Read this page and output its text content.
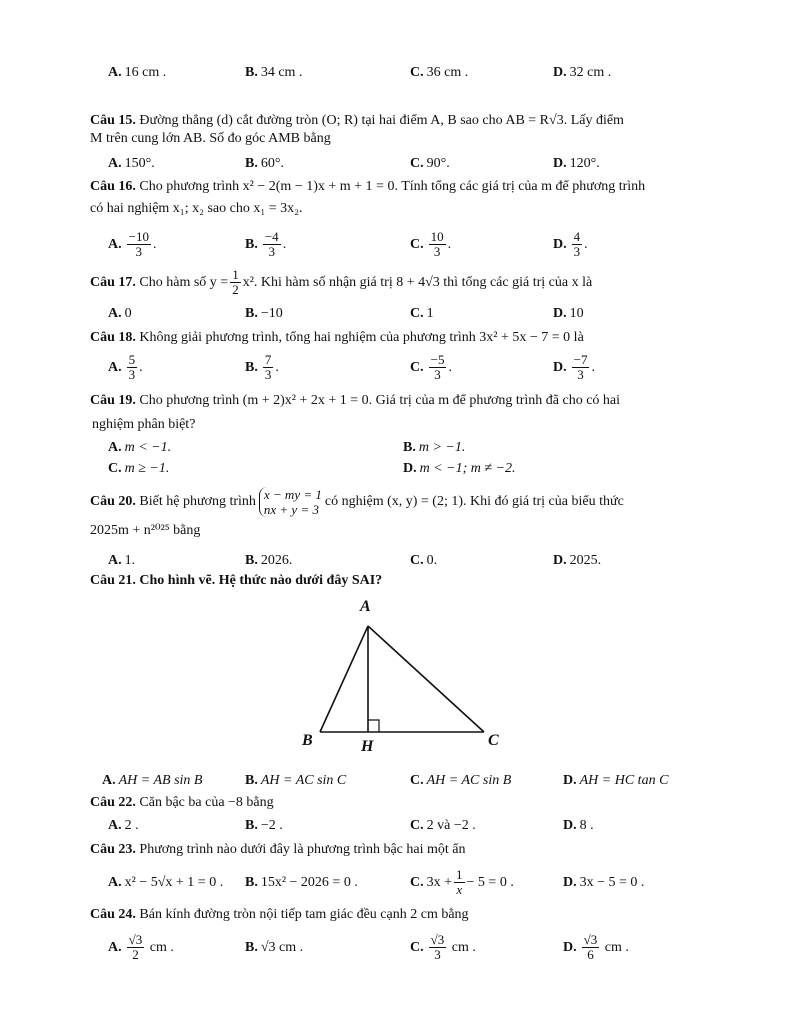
A. 16 cm .	B. 34 cm .	C. 36 cm .	D. 32 cm .
Câu 15. Đường thẳng (d) cắt đường tròn (O; R) tại hai điểm A, B sao cho AB = R√3. Lấy điểm
M trên cung lớn AB. Số đo góc AMB bằng
A. 150°.	B. 60°.	C. 90°.	D. 120°.
Câu 16. Cho phương trình x² − 2(m − 1)x + m + 1 = 0. Tính tổng các giá trị của m để phương trình
có hai nghiệm x₁; x₂ sao cho x₁ = 3x₂.
A. $\frac{-10}{3}$ .	B. $\frac{-4}{3}$ .	C. $\frac{10}{3}$ .	D. $\frac{4}{3}$ .
Câu 17. Cho hàm số $y = \frac{1}{2} x^2$. Khi hàm số nhận giá trị 8 + 4√3 thì tổng các giá trị của x là
A. 0	B. −10	C. 1	D. 10
Câu 18. Không giải phương trình, tổng hai nghiệm của phương trình 3x² + 5x − 7 = 0 là
A. $\frac{5}{3}$ .	B. $\frac{7}{3}$ .	C. $\frac{-5}{3}$ .	D. $\frac{-7}{3}$ .
Câu 19. Cho phương trình (m + 2)x² + 2x + 1 = 0. Giá trị của m để phương trình đã cho có hai
nghiệm phân biệt?
A. m < −1.	B. m > −1.
C. m ≥ −1.	D. m < −1; m ≠ −2.
Câu 20. Biết hệ phương trình x − my = 1
nx + y = 3
có nghiệm (x, y) = (2; 1). Khi đó giá trị của biểu thức
2025m + n²⁰²⁵ bằng
A. 1.	B. 2026.	C. 0.	D. 2025.
Câu 21. Cho hình vẽ. Hệ thức nào dưới đây SAI?
A
B	C
H
A. AH = AB sin B	B. AH = AC sin C	C. AH = AC sin B	D. AH = HC tan C
Câu 22. Căn bậc ba của −8 bằng
A. 2 .	B. −2 .	C. 2 và −2 .	D. 8 .
Câu 23. Phương trình nào dưới đây là phương trình bậc hai một ẩn
A. x² − 5√x + 1 = 0 . B. 15x² − 2026 = 0 .	C. $3x + \frac{1}{x} - 5 = 0$ .	D. 3x − 5 = 0 .
Câu 24. Bán kính đường tròn nội tiếp tam giác đều cạnh 2 cm bằng
A. $\frac{√3}{2}$ cm .	B. √3 cm .	C. $\frac{√3}{3}$ cm .	D. $\frac{√3}{6}$ cm .
